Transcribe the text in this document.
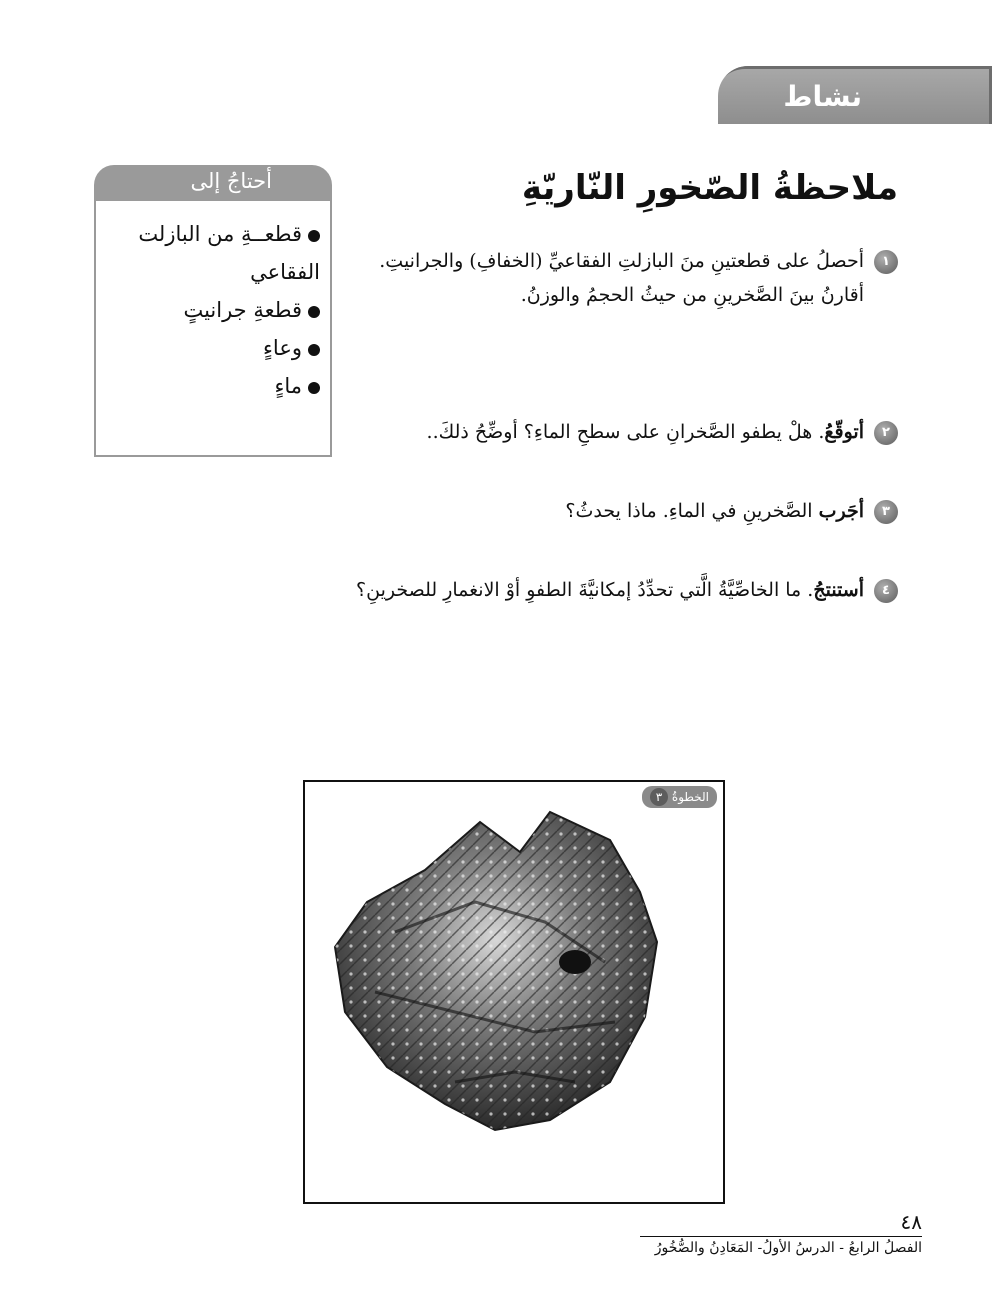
نشاط
ملاحظةُ الصّخورِ النّاريّةِ
أحتاجُ إلى
قطعــةِ من البازلت الفقاعي
قطعةِ جرانيتٍ
وعاءٍ
ماءٍ
١أحصلُ على قطعتينِ منَ البازلتِ الفقاعيِّ (الخفافِ) والجرانيتِ.
أقارنُ بينَ الصَّخرينِ من حيثُ الحجمُ والوزنُ.
٢أتوقّعُ. هلْ يطفو الصَّخرانِ على سطحِ الماءِ؟ أوضِّحُ ذلكَ..
٣أجَرب الصَّخرينِ في الماءِ. ماذا يحدثُ؟
٤أستنتجُ. ما الخاصِّيَّةُ الَّتي تحدِّدُ إمكانيَّةَ الطفوِ أوْ الانغمارِ للصخرينِ؟
الخطوةُ٣
٤٨
الفصلُ الرابعُ - الدرسُ الأولُ- المَعَادِنُ والصُّخُورُ
